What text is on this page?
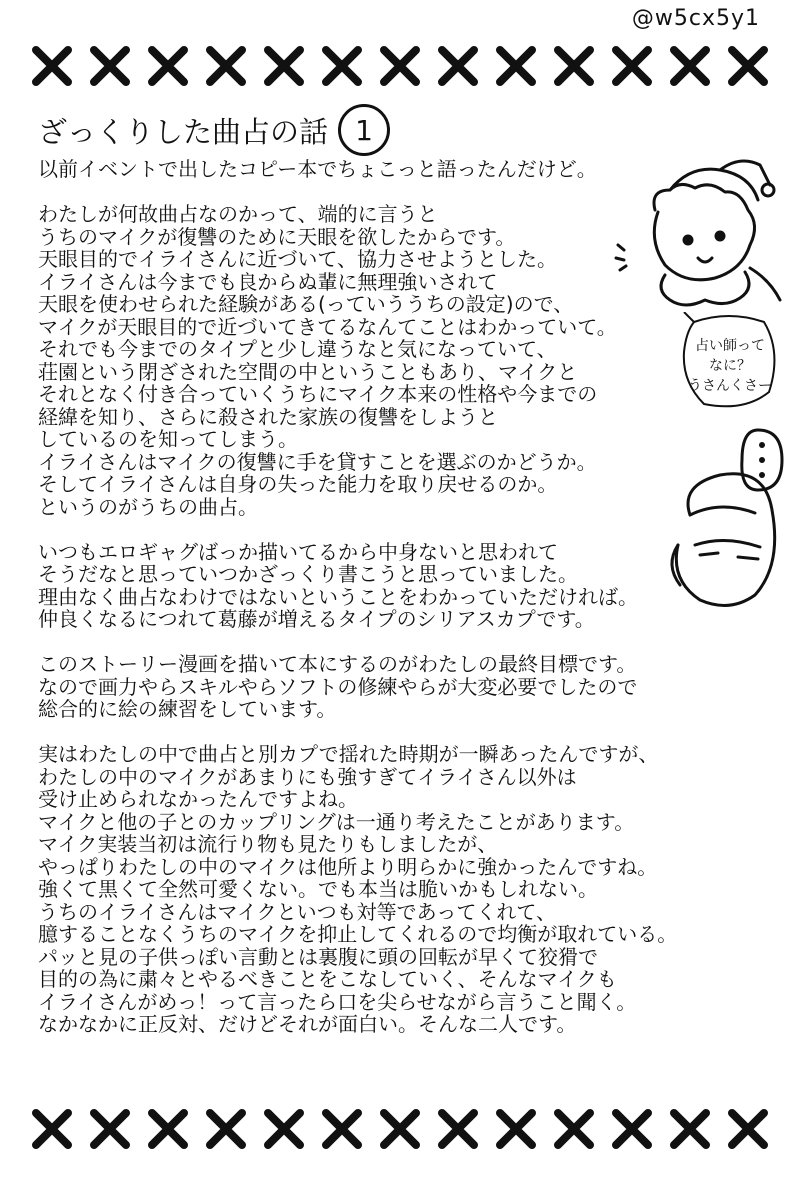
@w5cx5y1
ざっくりした曲占の話 1
以前イベントで出したコピー本でちょこっと語ったんだけど。
わたしが何故曲占なのかって、端的に言うと
うちのマイクが復讐のために天眼を欲したからです。
天眼目的でイライさんに近づいて、協力させようとした。
イライさんは今までも良からぬ輩に無理強いされて
天眼を使わせられた経験がある(っていううちの設定)ので、
マイクが天眼目的で近づいてきてるなんてことはわかっていて。
それでも今までのタイプと少し違うなと気になっていて、
荘園という閉ざされた空間の中ということもあり、マイクと
それとなく付き合っていくうちにマイク本来の性格や今までの
経緯を知り、さらに殺された家族の復讐をしようと
しているのを知ってしまう。
イライさんはマイクの復讐に手を貸すことを選ぶのかどうか。
そしてイライさんは自身の失った能力を取り戻せるのか。
というのがうちの曲占。
いつもエロギャグばっか描いてるから中身ないと思われて
そうだなと思っていつかざっくり書こうと思っていました。
理由なく曲占なわけではないということをわかっていただければ。
仲良くなるにつれて葛藤が増えるタイプのシリアスカプです。
このストーリー漫画を描いて本にするのがわたしの最終目標です。
なので画力やらスキルやらソフトの修練やらが大変必要でしたので
総合的に絵の練習をしています。
実はわたしの中で曲占と別カプで揺れた時期が一瞬あったんですが、
わたしの中のマイクがあまりにも強すぎてイライさん以外は
受け止められなかったんですよね。
マイクと他の子とのカップリングは一通り考えたことがあります。
マイク実装当初は流行り物も見たりもしましたが、
やっぱりわたしの中のマイクは他所より明らかに強かったんですね。
強くて黒くて全然可愛くない。でも本当は脆いかもしれない。
うちのイライさんはマイクといつも対等であってくれて、
臆することなくうちのマイクを抑止してくれるので均衡が取れている。
パッと見の子供っぽい言動とは裏腹に頭の回転が早くて狡猾で
目的の為に粛々とやるべきことをこなしていく、そんなマイクも
イライさんがめっ！って言ったら口を尖らせながら言うこと聞く。
なかなかに正反対、だけどそれが面白い。そんな二人です。
占い師って
なに？
うさんくさー
